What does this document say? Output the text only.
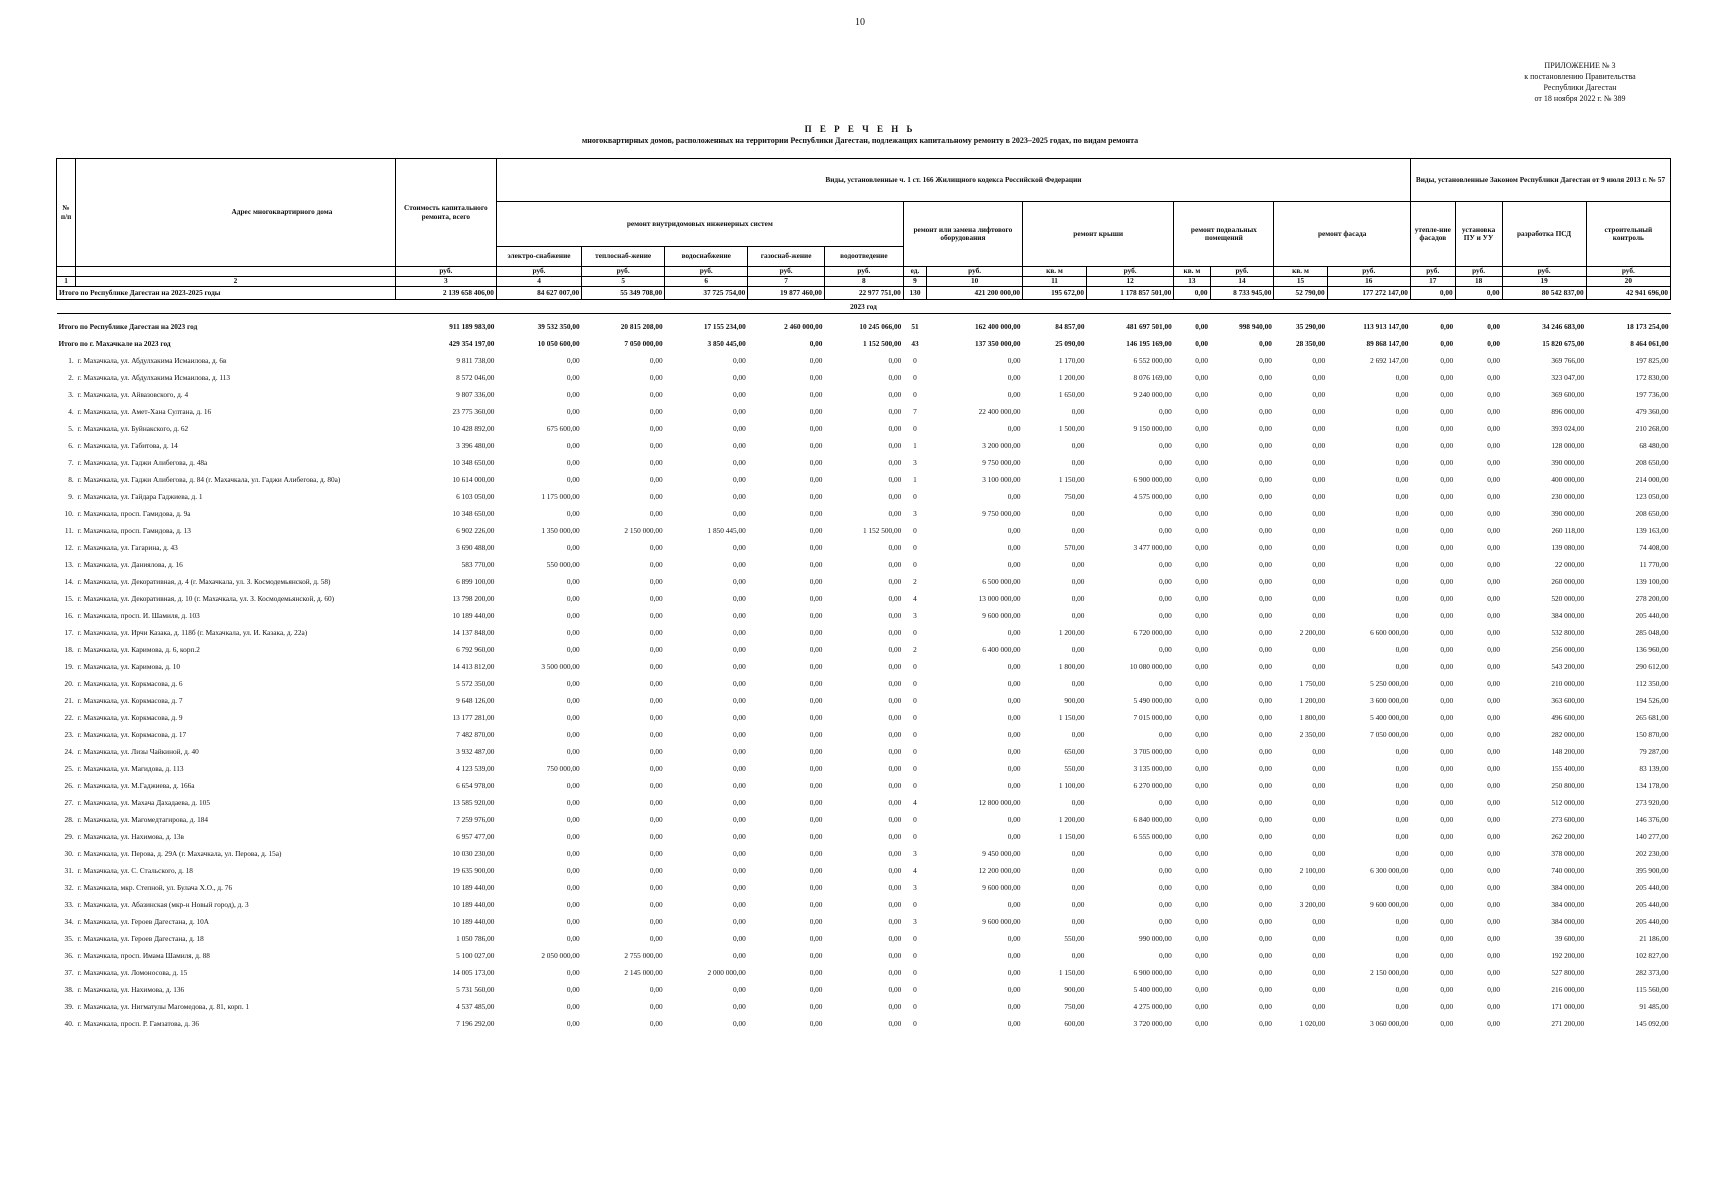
10
ПРИЛОЖЕНИЕ № 3
к постановлению Правительства
Республики Дагестан
от 18 ноября 2022 г. № 389
П Е Р Е Ч Е Н Ь
многоквартирных домов, расположенных на территории Республики Дагестан, подлежащих капитальному ремонту в 2023–2025 годах, по видам ремонта
№ п/п	Адрес многоквартирного дома	Стоимость капитального ремонта, всего	Виды, установленные ч. 1 ст. 166 Жилищного кодекса Российской Федерации													Виды, установленные Законом Республики Дагестан от 9 июля 2013 г. № 57			
			ремонт внутридомовых инженерных систем					ремонт или замена лифтового оборудования		ремонт крыши		ремонт подвальных помещений		ремонт фасада		утепле-ние фасадов	установка ПУ и УУ	разработка ПСД	строительный контроль
			электро-снабжение	теплоснаб-жение	водоснабжение	газоснаб-жение	водоотведение												
		руб.	руб.	руб.	руб.	руб.	руб.	ед.	руб.	кв. м	руб.	кв. м	руб.	кв. м	руб.	руб.	руб.	руб.	руб.
1	2	3	4	5	6	7	8	9	10	11	12	13	14	15	16	17	18	19	20
Итого по Республике Дагестан на 2023-2025 годы		2 139 658 406,00	84 627 007,00	55 349 708,00	37 725 754,00	19 877 460,00	22 977 751,00	130	421 200 000,00	195 672,00	1 178 857 501,00	0,00	8 733 945,00	52 790,00	177 272 147,00	0,00	0,00	80 542 837,00	42 941 696,00
2023 год																			
Итого по Республике Дагестан на 2023 год		911 189 983,00	39 532 350,00	20 815 208,00	17 155 234,00	2 460 000,00	10 245 066,00	51	162 400 000,00	84 857,00	481 697 501,00	0,00	998 940,00	35 290,00	113 913 147,00	0,00	0,00	34 246 683,00	18 173 254,00
Итого по г. Махачкале на 2023 год		429 354 197,00	10 050 600,00	7 050 000,00	3 850 445,00	0,00	1 152 500,00	43	137 350 000,00	25 090,00	146 195 169,00	0,00	0,00	28 350,00	89 868 147,00	0,00	0,00	15 820 675,00	8 464 061,00
1.	г. Махачкала, ул. Абдулхакима Исмаилова, д. 6в	9 811 738,00	0,00	0,00	0,00	0,00	0,00	0	0,00	1 170,00	6 552 000,00	0,00	0,00	0,00	2 692 147,00	0,00	0,00	369 766,00	197 825,00
2.	г. Махачкала, ул. Абдулхакима Исмаилова, д. 113	8 572 046,00	0,00	0,00	0,00	0,00	0,00	0	0,00	1 200,00	8 076 169,00	0,00	0,00	0,00	0,00	0,00	0,00	323 047,00	172 830,00
3.	г. Махачкала, ул. Айвазовского, д. 4	9 807 336,00	0,00	0,00	0,00	0,00	0,00	0	0,00	1 650,00	9 240 000,00	0,00	0,00	0,00	0,00	0,00	0,00	369 600,00	197 736,00
4.	г. Махачкала, ул. Амет-Хана Султана, д. 16	23 775 360,00	0,00	0,00	0,00	0,00	0,00	7	22 400 000,00	0,00	0,00	0,00	0,00	0,00	0,00	0,00	0,00	896 000,00	479 360,00
5.	г. Махачкала, ул. Буйнакского, д. 62	10 428 892,00	675 600,00	0,00	0,00	0,00	0,00	0	0,00	1 500,00	9 150 000,00	0,00	0,00	0,00	0,00	0,00	0,00	393 024,00	210 268,00
6.	г. Махачкала, ул. Габитова, д. 14	3 396 480,00	0,00	0,00	0,00	0,00	0,00	1	3 200 000,00	0,00	0,00	0,00	0,00	0,00	0,00	0,00	0,00	128 000,00	68 480,00
7.	г. Махачкала, ул. Гаджи Алибегова, д. 48а	10 348 650,00	0,00	0,00	0,00	0,00	0,00	3	9 750 000,00	0,00	0,00	0,00	0,00	0,00	0,00	0,00	0,00	390 000,00	208 650,00
8.	г. Махачкала, ул. Гаджи Алибегова, д. 84 (г. Махачкала, ул. Гаджи Алибегова, д. 80а)	10 614 000,00	0,00	0,00	0,00	0,00	0,00	1	3 100 000,00	1 150,00	6 900 000,00	0,00	0,00	0,00	0,00	0,00	0,00	400 000,00	214 000,00
9.	г. Махачкала, ул. Гайдара Гаджиева, д. 1	6 103 050,00	1 175 000,00	0,00	0,00	0,00	0,00	0	0,00	750,00	4 575 000,00	0,00	0,00	0,00	0,00	0,00	0,00	230 000,00	123 050,00
10.	г. Махачкала, просп. Гамидова, д. 9а	10 348 650,00	0,00	0,00	0,00	0,00	0,00	3	9 750 000,00	0,00	0,00	0,00	0,00	0,00	0,00	0,00	0,00	390 000,00	208 650,00
11.	г. Махачкала, просп. Гамидова, д. 13	6 902 226,00	1 350 000,00	2 150 000,00	1 850 445,00	0,00	1 152 500,00	0	0,00	0,00	0,00	0,00	0,00	0,00	0,00	0,00	0,00	260 118,00	139 163,00
12.	г. Махачкала, ул. Гагарина, д. 43	3 690 488,00	0,00	0,00	0,00	0,00	0,00	0	0,00	570,00	3 477 000,00	0,00	0,00	0,00	0,00	0,00	0,00	139 080,00	74 408,00
13.	г. Махачкала, ул. Даниялова, д. 16	583 770,00	550 000,00	0,00	0,00	0,00	0,00	0	0,00	0,00	0,00	0,00	0,00	0,00	0,00	0,00	0,00	22 000,00	11 770,00
14.	г. Махачкала, ул. Декоративная, д. 4 (г. Махачкала, ул. З. Космодемьянской, д. 58)	6 899 100,00	0,00	0,00	0,00	0,00	0,00	2	6 500 000,00	0,00	0,00	0,00	0,00	0,00	0,00	0,00	0,00	260 000,00	139 100,00
15.	г. Махачкала, ул. Декоративная, д. 10 (г. Махачкала, ул. З. Космодемьянской, д. 60)	13 798 200,00	0,00	0,00	0,00	0,00	0,00	4	13 000 000,00	0,00	0,00	0,00	0,00	0,00	0,00	0,00	0,00	520 000,00	278 200,00
16.	г. Махачкала, просп. И. Шамиля, д. 103	10 189 440,00	0,00	0,00	0,00	0,00	0,00	3	9 600 000,00	0,00	0,00	0,00	0,00	0,00	0,00	0,00	0,00	384 000,00	205 440,00
17.	г. Махачкала, ул. Ирчи Казака, д. 118б (г. Махачкала, ул. И. Казака, д. 22а)	14 137 848,00	0,00	0,00	0,00	0,00	0,00	0	0,00	1 200,00	6 720 000,00	0,00	0,00	2 200,00	6 600 000,00	0,00	0,00	532 800,00	285 048,00
18.	г. Махачкала, ул. Каримова, д. 6, корп.2	6 792 960,00	0,00	0,00	0,00	0,00	0,00	2	6 400 000,00	0,00	0,00	0,00	0,00	0,00	0,00	0,00	0,00	256 000,00	136 960,00
19.	г. Махачкала, ул. Каримова, д. 10	14 413 812,00	3 500 000,00	0,00	0,00	0,00	0,00	0	0,00	1 800,00	10 080 000,00	0,00	0,00	0,00	0,00	0,00	0,00	543 200,00	290 612,00
20.	г. Махачкала, ул. Коркмасова, д. 6	5 572 350,00	0,00	0,00	0,00	0,00	0,00	0	0,00	0,00	0,00	0,00	0,00	1 750,00	5 250 000,00	0,00	0,00	210 000,00	112 350,00
21.	г. Махачкала, ул. Коркмасова, д. 7	9 648 126,00	0,00	0,00	0,00	0,00	0,00	0	0,00	900,00	5 490 000,00	0,00	0,00	1 200,00	3 600 000,00	0,00	0,00	363 600,00	194 526,00
22.	г. Махачкала, ул. Коркмасова, д. 9	13 177 281,00	0,00	0,00	0,00	0,00	0,00	0	0,00	1 150,00	7 015 000,00	0,00	0,00	1 800,00	5 400 000,00	0,00	0,00	496 600,00	265 681,00
23.	г. Махачкала, ул. Коркмасова, д. 17	7 482 870,00	0,00	0,00	0,00	0,00	0,00	0	0,00	0,00	0,00	0,00	0,00	2 350,00	7 050 000,00	0,00	0,00	282 000,00	150 870,00
24.	г. Махачкала, ул. Лизы Чайкиной, д. 40	3 932 487,00	0,00	0,00	0,00	0,00	0,00	0	0,00	650,00	3 705 000,00	0,00	0,00	0,00	0,00	0,00	0,00	148 200,00	79 287,00
25.	г. Махачкала, ул. Магидова, д. 113	4 123 539,00	750 000,00	0,00	0,00	0,00	0,00	0	0,00	550,00	3 135 000,00	0,00	0,00	0,00	0,00	0,00	0,00	155 400,00	83 139,00
26.	г. Махачкала, ул. М.Гаджиева, д. 166а	6 654 978,00	0,00	0,00	0,00	0,00	0,00	0	0,00	1 100,00	6 270 000,00	0,00	0,00	0,00	0,00	0,00	0,00	250 800,00	134 178,00
27.	г. Махачкала, ул. Махача Дахадаева, д. 105	13 585 920,00	0,00	0,00	0,00	0,00	0,00	4	12 800 000,00	0,00	0,00	0,00	0,00	0,00	0,00	0,00	0,00	512 000,00	273 920,00
28.	г. Махачкала, ул. Магомедтагирова, д. 184	7 259 976,00	0,00	0,00	0,00	0,00	0,00	0	0,00	1 200,00	6 840 000,00	0,00	0,00	0,00	0,00	0,00	0,00	273 600,00	146 376,00
29.	г. Махачкала, ул. Нахимова, д. 13в	6 957 477,00	0,00	0,00	0,00	0,00	0,00	0	0,00	1 150,00	6 555 000,00	0,00	0,00	0,00	0,00	0,00	0,00	262 200,00	140 277,00
30.	г. Махачкала, ул. Перова, д. 29А (г. Махачкала, ул. Перова, д. 15а)	10 030 230,00	0,00	0,00	0,00	0,00	0,00	3	9 450 000,00	0,00	0,00	0,00	0,00	0,00	0,00	0,00	0,00	378 000,00	202 230,00
31.	г. Махачкала, ул. С. Стальского, д. 18	19 635 900,00	0,00	0,00	0,00	0,00	0,00	4	12 200 000,00	0,00	0,00	0,00	0,00	2 100,00	6 300 000,00	0,00	0,00	740 000,00	395 900,00
32.	г. Махачкала, мкр. Степной, ул. Булача Х.О., д. 76	10 189 440,00	0,00	0,00	0,00	0,00	0,00	3	9 600 000,00	0,00	0,00	0,00	0,00	0,00	0,00	0,00	0,00	384 000,00	205 440,00
33.	г. Махачкала, ул. Абазинская (мкр-н Новый город), д. 3	10 189 440,00	0,00	0,00	0,00	0,00	0,00	0	0,00	0,00	0,00	0,00	0,00	3 200,00	9 600 000,00	0,00	0,00	384 000,00	205 440,00
34.	г. Махачкала, ул. Героев Дагестана, д. 10А	10 189 440,00	0,00	0,00	0,00	0,00	0,00	3	9 600 000,00	0,00	0,00	0,00	0,00	0,00	0,00	0,00	0,00	384 000,00	205 440,00
35.	г. Махачкала, ул. Героев Дагестана, д. 18	1 050 786,00	0,00	0,00	0,00	0,00	0,00	0	0,00	550,00	990 000,00	0,00	0,00	0,00	0,00	0,00	0,00	39 600,00	21 186,00
36.	г. Махачкала, просп. Имама Шамиля, д. 88	5 100 027,00	2 050 000,00	2 755 000,00	0,00	0,00	0,00	0	0,00	0,00	0,00	0,00	0,00	0,00	0,00	0,00	0,00	192 200,00	102 827,00
37.	г. Махачкала, ул. Ломоносова, д. 15	14 005 173,00	0,00	2 145 000,00	2 000 000,00	0,00	0,00	0	0,00	1 150,00	6 900 000,00	0,00	0,00	0,00	2 150 000,00	0,00	0,00	527 800,00	282 373,00
38.	г. Махачкала, ул. Нахимова, д. 136	5 731 560,00	0,00	0,00	0,00	0,00	0,00	0	0,00	900,00	5 400 000,00	0,00	0,00	0,00	0,00	0,00	0,00	216 000,00	115 560,00
39.	г. Махачкала, ул. Нигматулы Магомедова, д. 81, корп. 1	4 537 485,00	0,00	0,00	0,00	0,00	0,00	0	0,00	750,00	4 275 000,00	0,00	0,00	0,00	0,00	0,00	0,00	171 000,00	91 485,00
40.	г. Махачкала, просп. Р. Гамзатова, д. 36	7 196 292,00	0,00	0,00	0,00	0,00	0,00	0	0,00	600,00	3 720 000,00	0,00	0,00	1 020,00	3 060 000,00	0,00	0,00	271 200,00	145 092,00
